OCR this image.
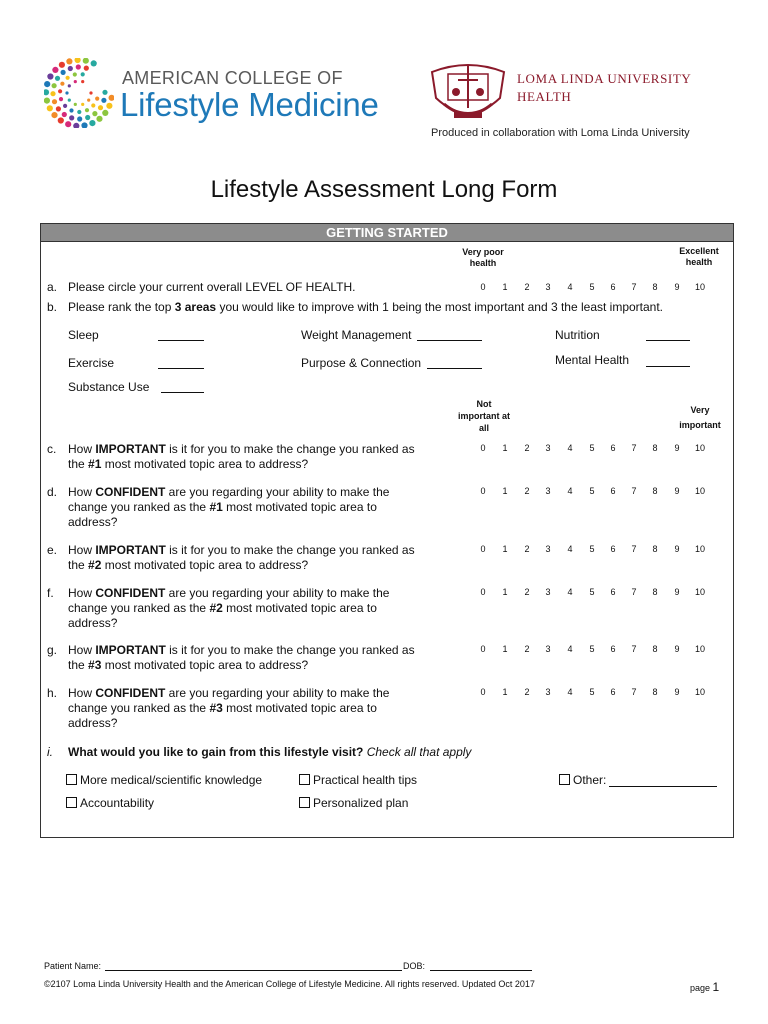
AMERICAN COLLEGE OF
Lifestyle Medicine
LOMA LINDA UNIVERSITY
HEALTH
Produced in collaboration with Loma Linda University
Lifestyle Assessment Long Form
GETTING STARTED
Very poor health
Excellent health
a. Please circle your current overall LEVEL OF HEALTH.	0	1	2	3	4	5	6	7	8	9	10
b. Please rank the top 3 areas you would like to improve with 1 being the most important and 3 the least important.
Sleep	Weight Management	Nutrition
Exercise	Purpose & Connection	Mental Health
Substance Use
Not important at all
Very important
c. How IMPORTANT is it for you to make the change you ranked as
the #1 most motivated topic area to address?
0	1	2	3	4	5	6	7	8	9	10
d. How CONFIDENT are you regarding your ability to make the
change you ranked as the #1 most motivated topic area to
address?
0	1	2	3	4	5	6	7	8	9	10
e. How IMPORTANT is it for you to make the change you ranked as
the #2 most motivated topic area to address?
0	1	2	3	4	5	6	7	8	9	10
f. How CONFIDENT are you regarding your ability to make the
change you ranked as the #2 most motivated topic area to
address?
0	1	2	3	4	5	6	7	8	9	10
g. How IMPORTANT is it for you to make the change you ranked as
the #3 most motivated topic area to address?
0	1	2	3	4	5	6	7	8	9	10
h. How CONFIDENT are you regarding your ability to make the
change you ranked as the #3 most motivated topic area to
address?
0	1	2	3	4	5	6	7	8	9	10
i. What would you like to gain from this lifestyle visit? Check all that apply
More medical/scientific knowledge	Practical health tips	Other:
Accountability	Personalized plan
Patient Name:	DOB:
©2107 Loma Linda University Health and the American College of Lifestyle Medicine. All rights reserved. Updated Oct 2017	page 1
